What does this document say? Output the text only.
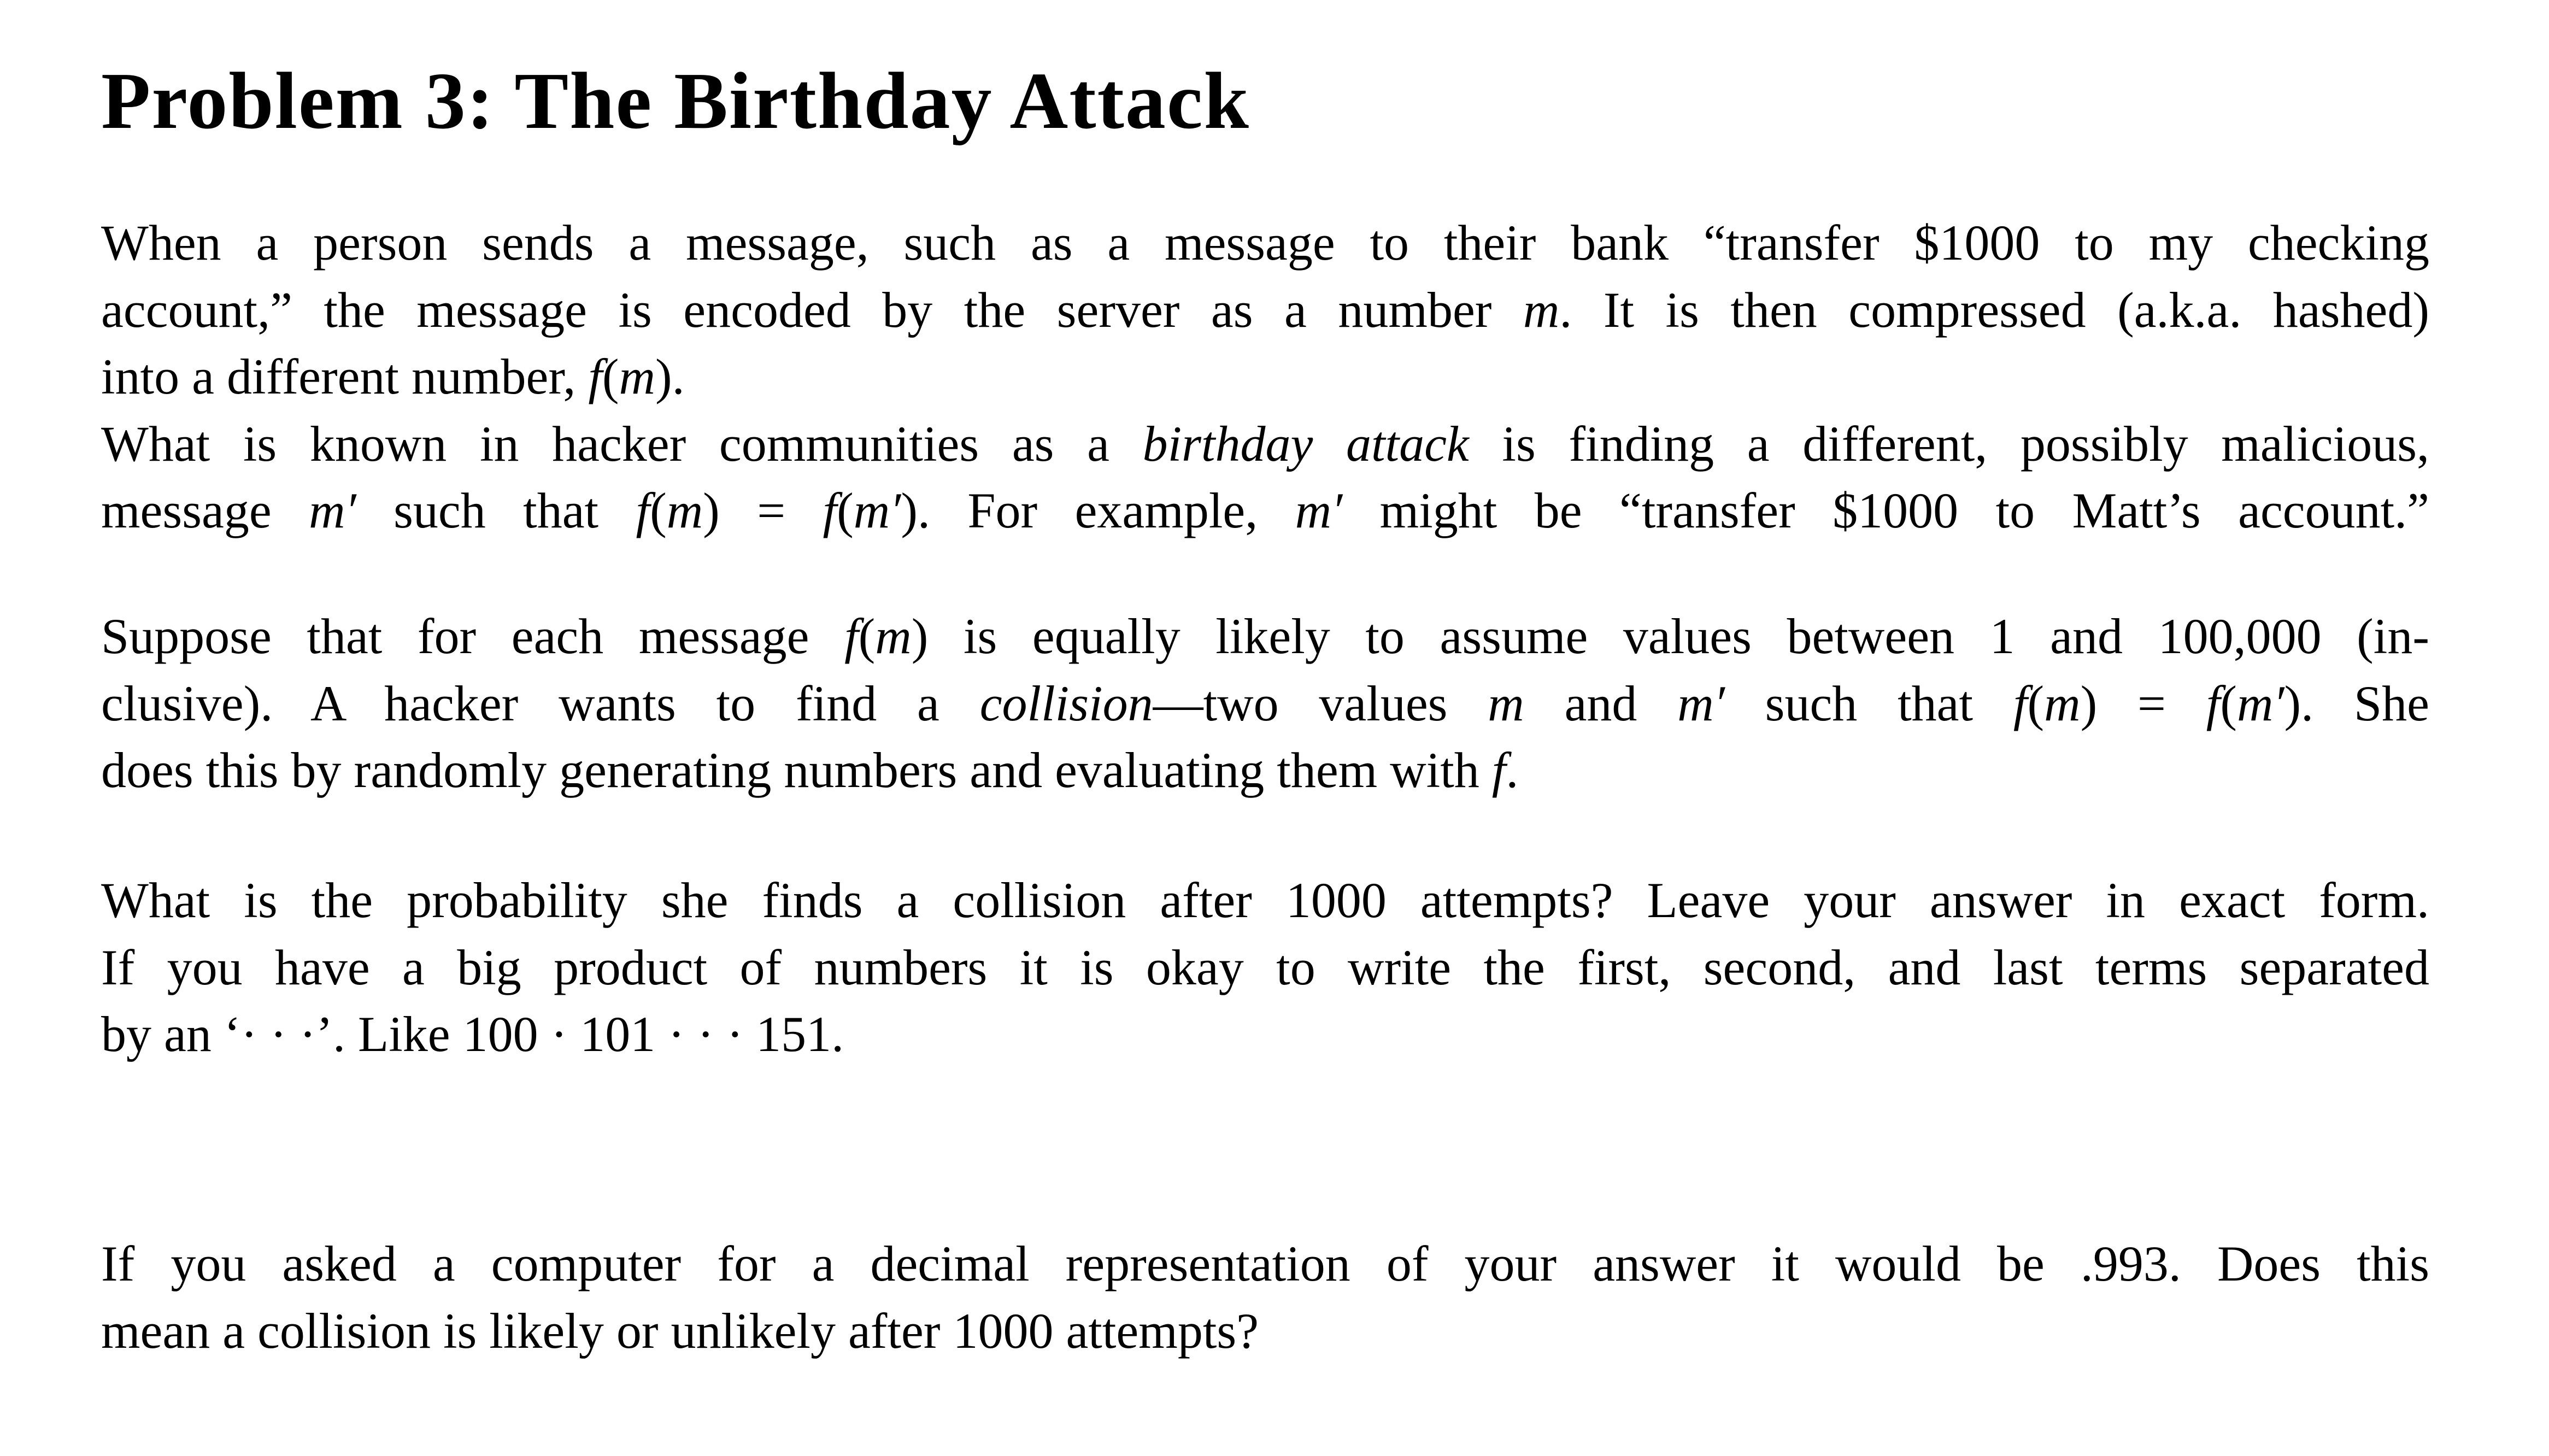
Problem 3: The Birthday Attack
When a person sends a message, such as a message to their bank “transfer $1000 to my checking
account,” the message is encoded by the server as a number m. It is then compressed (a.k.a. hashed)
into a different number, f(m).
What is known in hacker communities as a birthday attack is finding a different, possibly malicious,
message m′ such that f(m) = f(m′). For example, m′ might be “transfer $1000 to Matt’s account.”
Suppose that for each message f(m) is equally likely to assume values between 1 and 100,000 (in-
clusive). A hacker wants to find a collision—two values m and m′ such that f(m) = f(m′). She
does this by randomly generating numbers and evaluating them with f.
What is the probability she finds a collision after 1000 attempts? Leave your answer in exact form.
If you have a big product of numbers it is okay to write the first, second, and last terms separated
by an ‘· · ·’. Like 100 · 101 · · · 151.
If you asked a computer for a decimal representation of your answer it would be .993. Does this
mean a collision is likely or unlikely after 1000 attempts?
